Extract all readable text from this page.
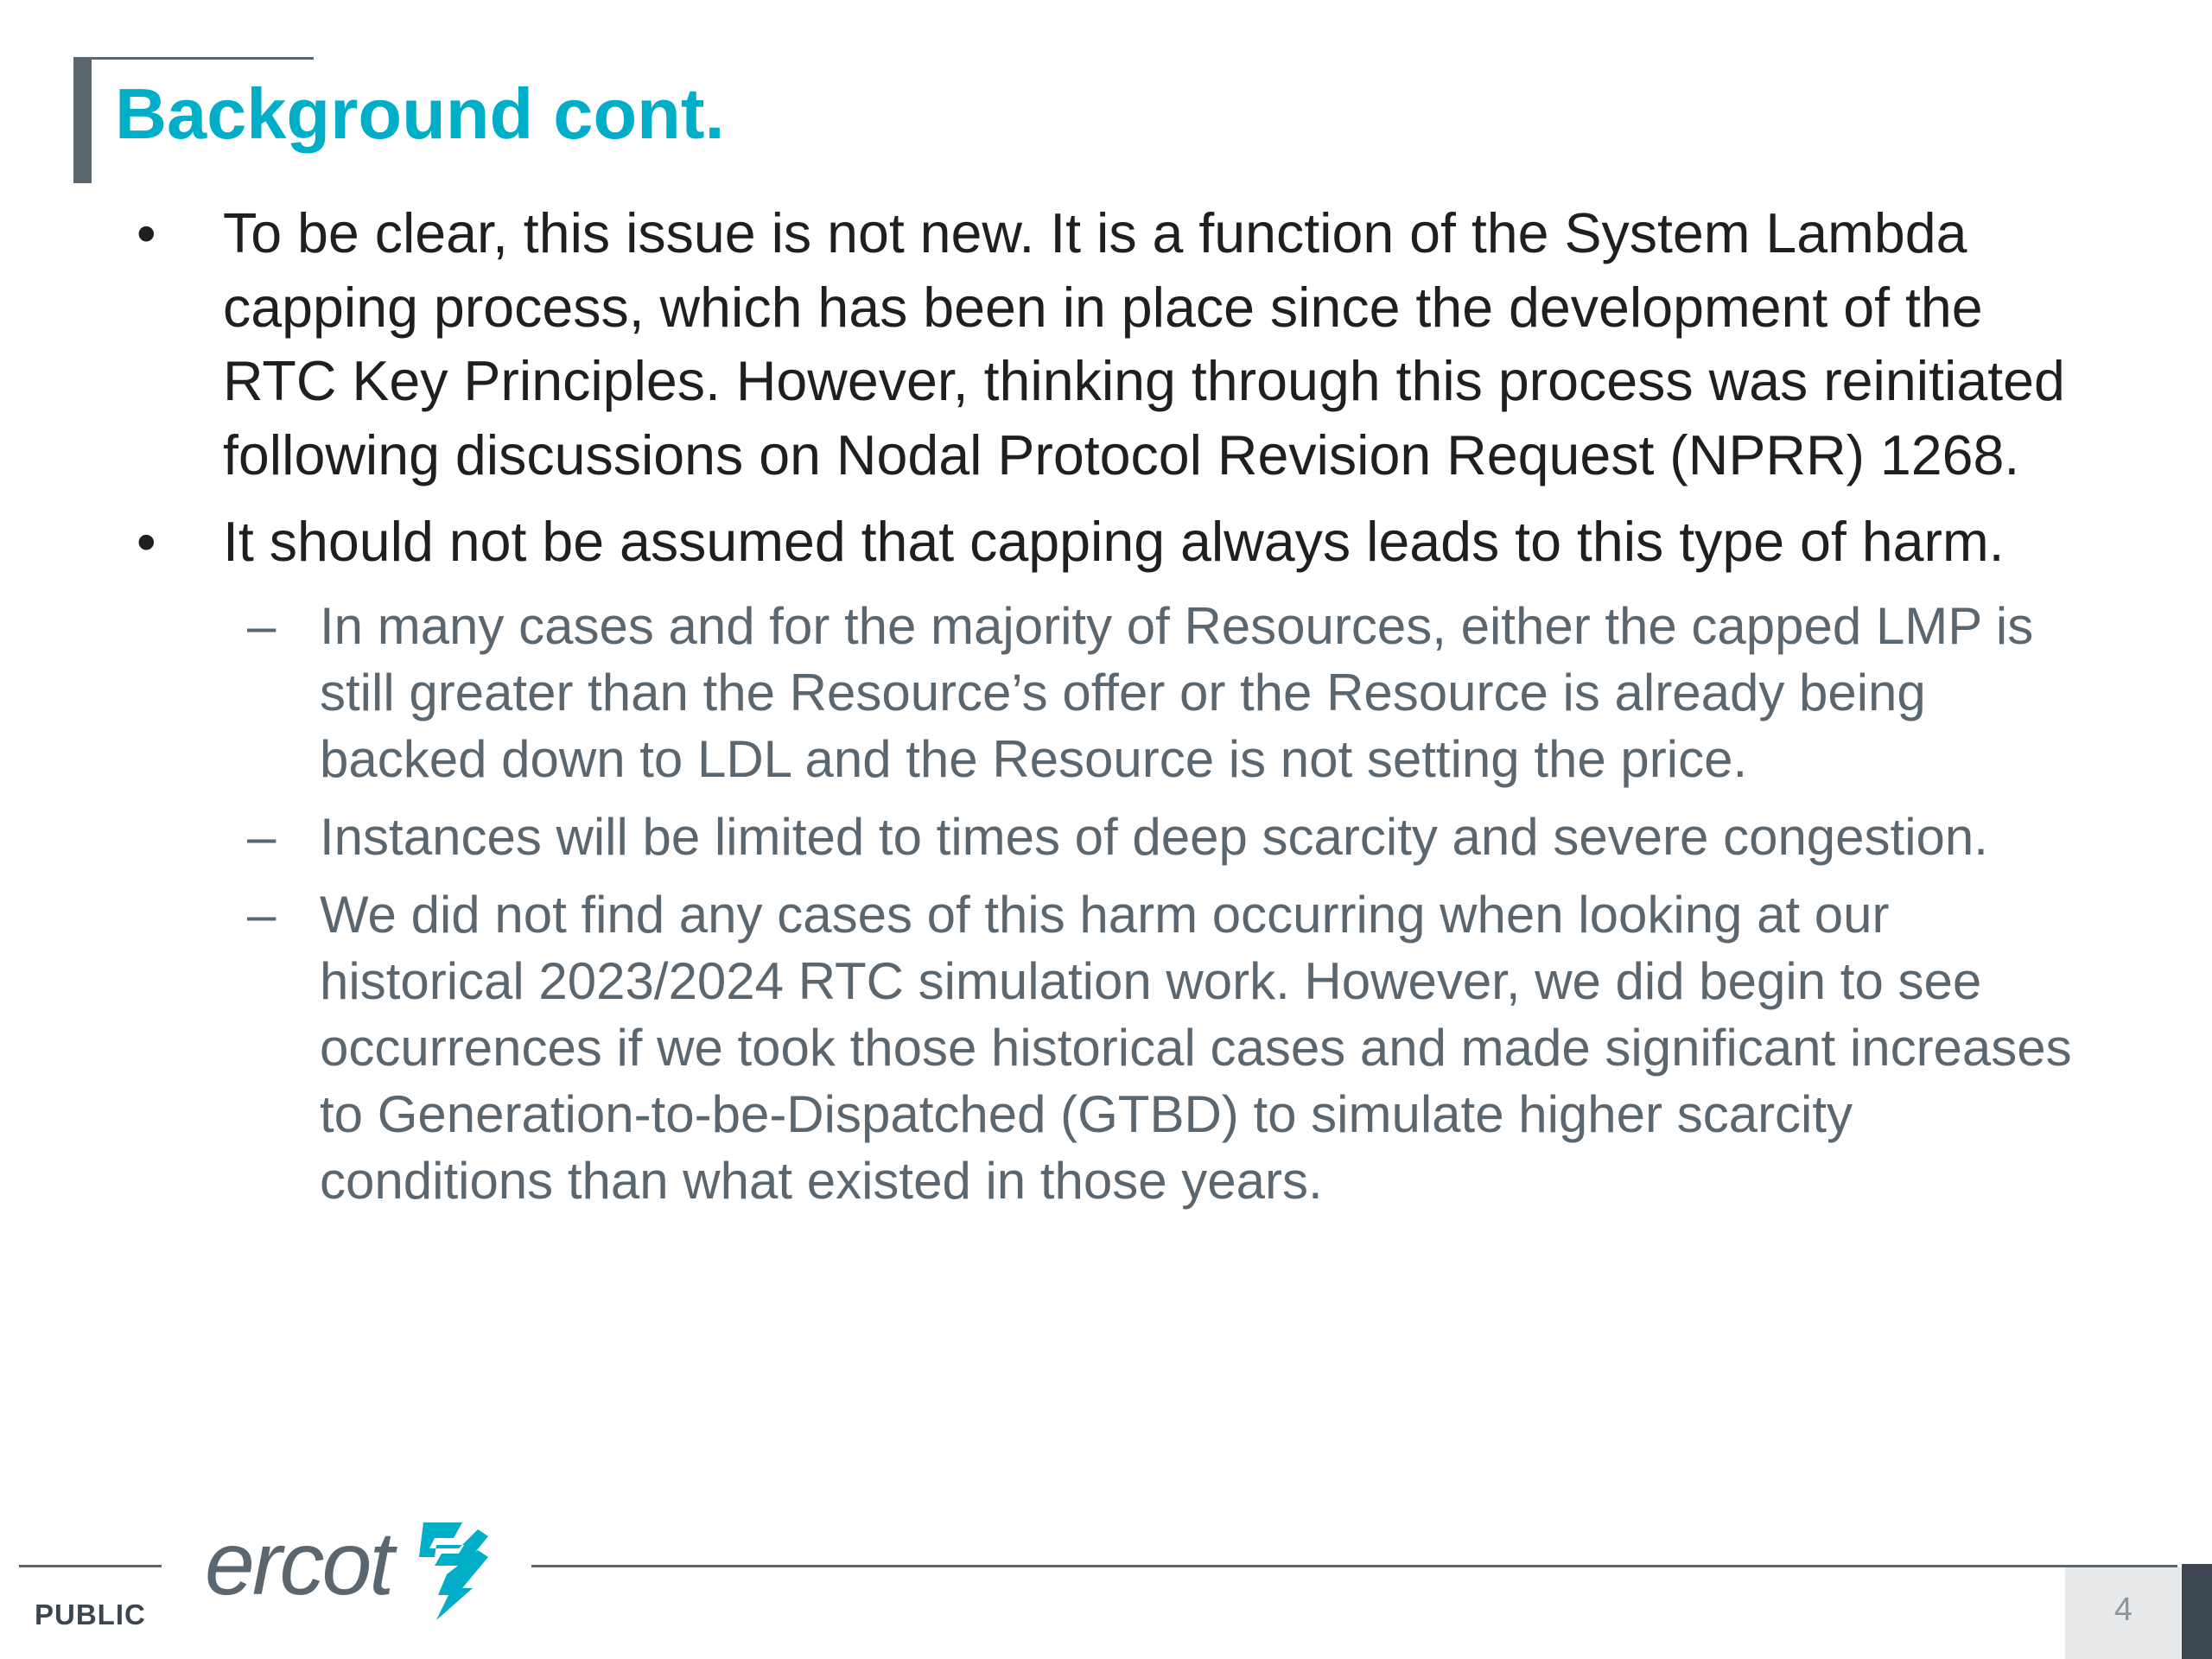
Background cont.
• To be clear, this issue is not new. It is a function of the System Lambda capping process, which has been in place since the development of the RTC Key Principles. However, thinking through this process was reinitiated following discussions on Nodal Protocol Revision Request (NPRR) 1268.
• It should not be assumed that capping always leads to this type of harm.
– In many cases and for the majority of Resources, either the capped LMP is still greater than the Resource’s offer or the Resource is already being backed down to LDL and the Resource is not setting the price.
– Instances will be limited to times of deep scarcity and severe congestion.
– We did not find any cases of this harm occurring when looking at our historical 2023/2024 RTC simulation work. However, we did begin to see occurrences if we took those historical cases and made significant increases to Generation-to-be-Dispatched (GTBD) to simulate higher scarcity conditions than what existed in those years.
PUBLIC
ercot	4
